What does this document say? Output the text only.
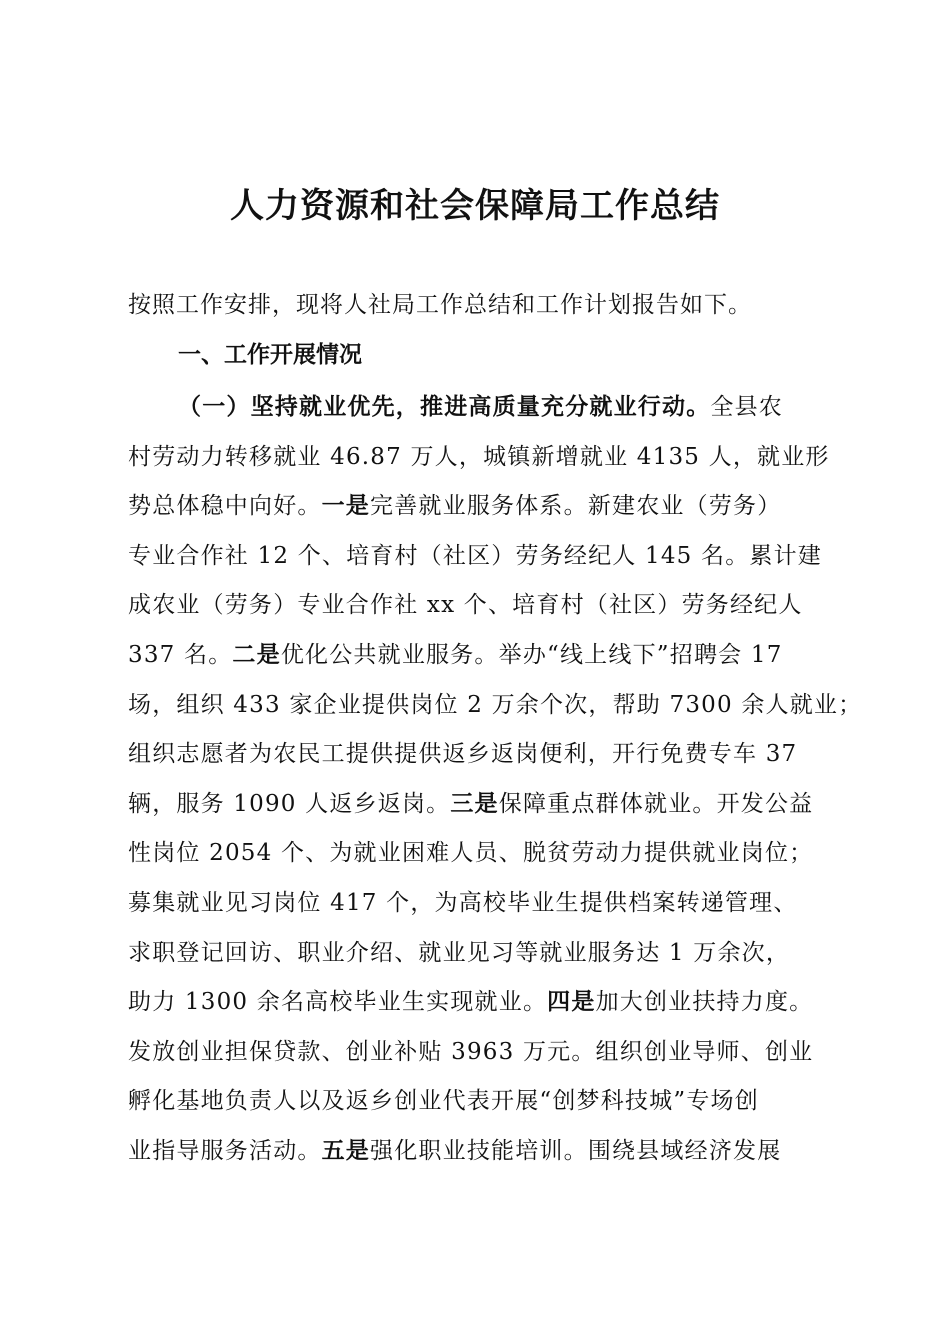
人力资源和社会保障局工作总结

按照工作安排，现将人社局工作总结和工作计划报告如下。

一、工作开展情况
（一）坚持就业优先，推进高质量充分就业行动。全县农
村劳动力转移就业 46.87 万人，城镇新增就业 4135 人，就业形
势总体稳中向好。一是完善就业服务体系。新建农业（劳务）
专业合作社 12 个、培育村（社区）劳务经纪人 145 名。累计建
成农业（劳务）专业合作社 xx 个、培育村（社区）劳务经纪人
337 名。二是优化公共就业服务。举办“线上线下”招聘会 17
场，组织 433 家企业提供岗位 2 万余个次，帮助 7300 余人就业；
组织志愿者为农民工提供提供返乡返岗便利，开行免费专车 37
辆，服务 1090 人返乡返岗。三是保障重点群体就业。开发公益
性岗位 2054 个、为就业困难人员、脱贫劳动力提供就业岗位；
募集就业见习岗位 417 个，为高校毕业生提供档案转递管理、
求职登记回访、职业介绍、就业见习等就业服务达 1 万余次，
助力 1300 余名高校毕业生实现就业。四是加大创业扶持力度。
发放创业担保贷款、创业补贴 3963 万元。组织创业导师、创业
孵化基地负责人以及返乡创业代表开展“创梦科技城”专场创
业指导服务活动。五是强化职业技能培训。围绕县域经济发展
